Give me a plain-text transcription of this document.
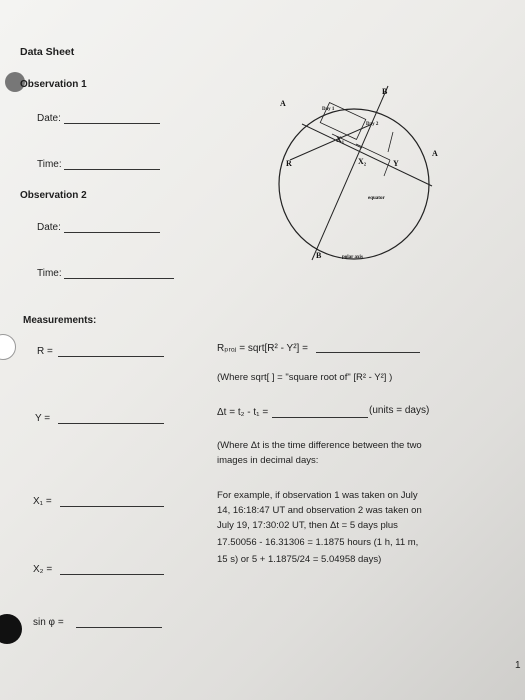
Data Sheet
Observation 1
Date:
Time:
Observation 2
Date:
Time:
B
A
A
Day 1
Day 2
X₁
X₂	Y
R
equator
B	polar axis
Measurements:
R =
Y =
X₁ =
X₂ =
sin φ =
Rₚᵣₒⱼ = sqrt[R² - Y²] =
(Where sqrt[ ] = "square root of" [R² - Y²] )
Δt = t₂ - t₁ =	(units = days)
(Where Δt is the time difference between the two
images in decimal days:
For example, if observation 1 was taken on July
14, 16:18:47 UT and observation 2 was taken on
July 19, 17:30:02 UT, then Δt = 5 days plus
17.50056 - 16.31306 = 1.1875 hours (1 h, 11 m,
15 s) or 5 + 1.1875/24 = 5.04958 days)
1
